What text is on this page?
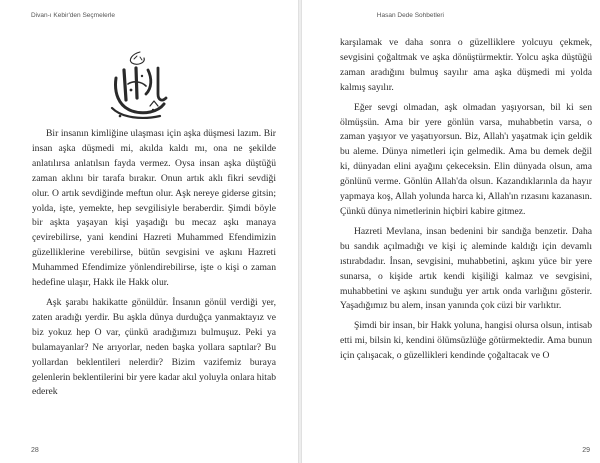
Divan-ı Kebir'den Seçmelerle

Bir insanın kimliğine ulaşması için aşka düşmesi lazım. Bir insan aşka düşmedi mi, akılda kaldı mı, ona ne şekilde anlatılırsa anlatılsın fayda vermez. Oysa insan aşka düştüğü zaman aklını bir tarafa bırakır. Onun artık aklı fikri sevdiği olur. O artık sevdiğinde meftun olur. Aşk nereye giderse gitsin; yolda, işte, yemekte, hep sevgilisiyle beraberdir. Şimdi böyle bir aşkta yaşayan kişi yaşadığı bu mecaz aşkı manaya çevirebilirse, yani kendini Hazreti Muhammed Efendimizin güzelliklerine verebilirse, bütün sevgisini ve aşkını Hazreti Muhammed Efendimize yönlendirebilirse, işte o kişi o zaman hedefine ulaşır, Hakk ile Hakk olur.

Aşk şarabı hakikatte gönüldür. İnsanın gönül verdiği yer, zaten aradığı yerdir. Bu aşkla dünya durduğça yanmaktayız ve biz yokuz hep O var, çünkü aradığımızı bulmuşuz. Peki ya bulamayanlar? Ne arıyorlar, neden başka yollara saptılar? Bu yollardan beklentileri nelerdir? Bizim vazifemiz buraya gelenlerin beklentilerini bir yere kadar akıl yoluyla onlara hitab ederek

28
Hasan Dede Sohbetleri

karşılamak ve daha sonra o güzelliklere yolcuyu çekmek, sevgisini çoğaltmak ve aşka dönüştürmektir. Yolcu aşka düştüğü zaman aradığını bulmuş sayılır ama aşka düşmedi mi yolda kalmış sayılır.

Eğer sevgi olmadan, aşk olmadan yaşıyorsan, bil ki sen ölmüşsün. Ama bir yere gönlün varsa, muhabbetin varsa, o zaman yaşıyor ve yaşatıyorsun. Biz, Allah'ı yaşatmak için geldik bu aleme. Dünya nimetleri için gelmedik. Ama bu demek değil ki, dünyadan elini ayağını çekeceksin. Elin dünyada olsun, ama gönlünü verme. Gönlün Allah'da olsun. Kazandıklarınla da hayır yapmaya koş, Allah yolunda harca ki, Allah'ın rızasını kazanasın. Çünkü dünya nimetlerinin hiçbiri kabire gitmez.

Hazreti Mevlana, insan bedenini bir sandığa benzetir. Daha bu sandık açılmadığı ve kişi iç aleminde kaldığı için devamlı ıstırabdadır. İnsan, sevgisini, muhabbetini, aşkını yüce bir yere sunarsa, o kişide artık kendi kişiliği kalmaz ve sevgisini, muhabbetini ve aşkını sunduğu yer artık onda varlığını gösterir. Yaşadığımız bu alem, insan yanında çok cüzi bir varlıktır.

Şimdi bir insan, bir Hakk yoluna, hangisi olursa olsun, intisab etti mi, bilsin ki, kendini ölümsüzlüğe götürmektedir. Ama bunun için çalışacak, o güzellikleri kendinde çoğaltacak ve O

29
